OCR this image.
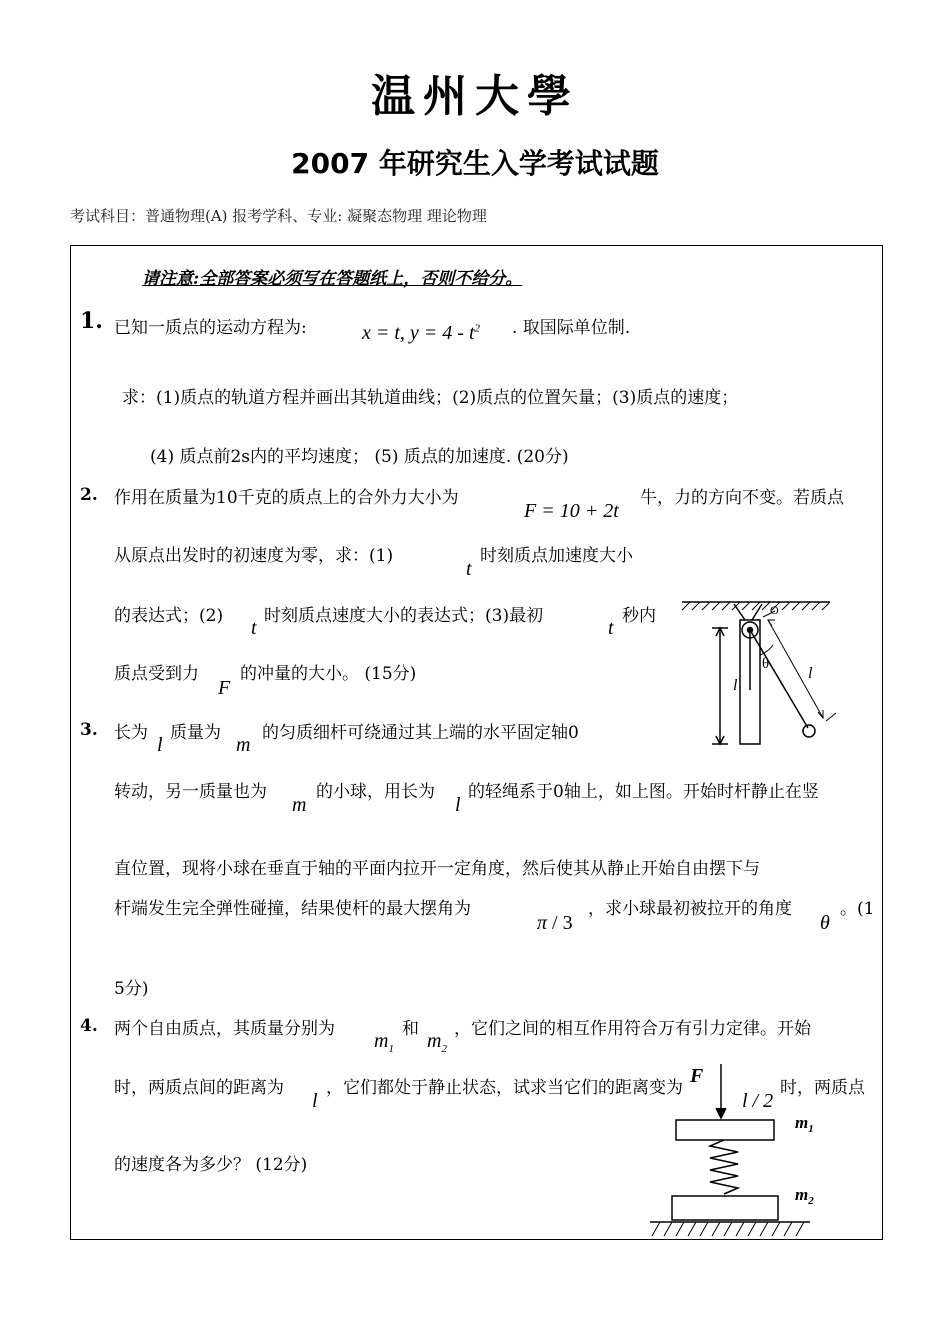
温州大學
2007 年研究生入学考试试题
考试科目：普通物理(A) 报考学科、专业: 凝聚态物理 理论物理
请注意:全部答案必须写在答题纸上，否则不给分。
1. 已知一质点的运动方程为:	x = t, $y = 4 - t^2$ . 取国际单位制.
求：(1)质点的轨道方程并画出其轨道曲线；(2)质点的位置矢量；(3)质点的速度；
(4) 质点前2s内的平均速度； (5) 质点的加速度. (20分)
2. 作用在质量为10千克的质点上的合外力大小为
F = 10 + 2t
牛，力的方向不变。若质点
从原点出发时的初速度为零，求：(1)
t
时刻质点加速度大小
的表达式；(2)
t
时刻质点速度大小的表达式；(3)最初
t
秒内
质点受到力
F
的冲量的大小。 (15分)
3. 长为
l
质量为
m
的匀质细杆可绕通过其上端的水平固定轴0
转动，另一质量也为
m
的小球，用长为
l
的轻绳系于0轴上，如上图。开始时杆静止在竖
直位置，现将小球在垂直于轴的平面内拉开一定角度，然后使其从静止开始自由摆下与
杆端发生完全弹性碰撞，结果使杆的最大摆角为
π / 3
，求小球最初被拉开的角度
θ
。(1
5分)
4. 两个自由质点，其质量分别为
$m_1$
和
$m_2$
，它们之间的相互作用符合万有引力定律。开始
时，两质点间的距离为
l
，它们都处于静止状态，试求当它们的距离变为
l / 2
时，两质点
的速度各为多少？ (12分)
O
θ
l
l
F
$m_1$
$m_2$
